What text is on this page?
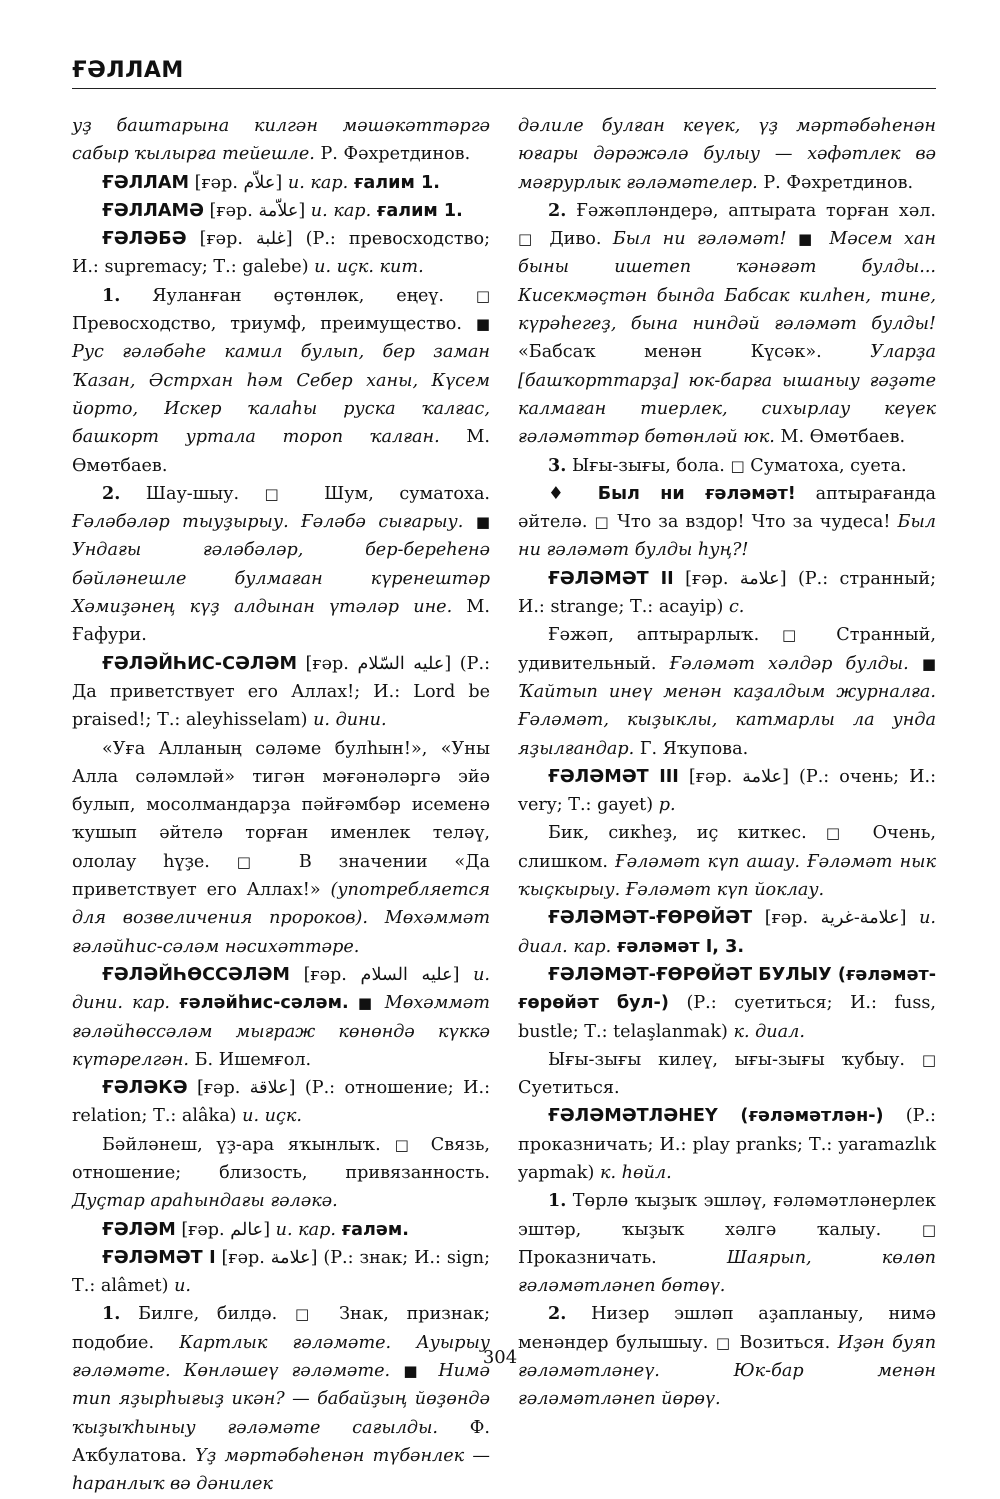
ҒӘЛЛАМ

уҙ баштарына килгән мәшәкәттәргә сабыр ҡылырға тейешле. Р. Фәхретдинов.

ҒӘЛЛАМ [ғәр. علاّم] и. кар. ғалим 1.

ҒӘЛЛАМӘ [ғәр. علاّمة] и. кар. ғалим 1.

ҒӘЛӘБӘ [ғәр. غلبة] (Р.: превосходство; И.: supremacy; Т.: galebe) и. иҫк. кит.

1. Яуланған өҫтөнлөк, еңеү. □ Превосходство, триумф, преимущество. ■ Рус ғәләбәһе камил булып, бер заман Ҡазан, Әстрхан һәм Себер ханы, Күсем йорто, Искер ҡалаһы руска ҡалғас, башкорт уртала тороп ҡалған. М. Өмөтбаев.

2. Шау-шыу. □ Шум, суматоха. Ғәләбәләр тыуҙырыу. Ғәләбә сығарыу. ■ Ундағы ғәләбәләр, бер-береһенә бәйләнешле булмаған күренештәр Хәмиҙәнең күҙ алдынан үтәләр ине. М. Ғафури.

ҒӘЛӘЙҺИС-СӘЛӘМ [ғәр. عليه السّلام] (Р.: Да приветствует его Аллах!; И.: Lord be praised!; Т.: aleyhisselam) и. дини.

«Уға Алланың сәләме булһын!», «Уны Алла сәләмләй» тигән мәғәнәләргә эйә булып, мосолмандарҙа пәйғәмбәр исеменә ҡушып әйтелә торған именлек теләү, ололау һүҙе. □ В значении «Да приветствует его Аллах!» (употребляется для возвеличения пророков). Мөхәммәт ғәләйһис-сәләм нәсихәттәре.

ҒӘЛӘЙҺӨССӘЛӘМ [ғәр. عليه السلام] и. дини. кар. ғәләйһис-сәләм. ■ Мөхәммәт ғәләйһөссәләм мығраж көнөндә күккә күтәрелгән. Б. Ишемғол.

ҒӘЛӘКӘ [ғәр. علاقة] (Р.: отношение; И.: relation; Т.: alâka) и. иҫк.

Бәйләнеш, үҙ-ара яҡынлыҡ. □ Связь, отношение; близость, привязанность. Дуҫтар араһындағы ғәләкә.

ҒӘЛӘМ [ғәр. عالم] и. кар. ғаләм.

ҒӘЛӘМӘТ I [ғәр. علامة] (Р.: знак; И.: sign; Т.: alâmet) и.

1. Билге, билдә. □ Знак, признак; подобие. Картлык ғәләмәте. Ауырыу ғәләмәте. Көнләшеү ғәләмәте. ■ Нимә тип яҙырһығыҙ икән? — бабайҙың йөҙөндә ҡыҙыҡһыныу ғәләмәте сағылды. Ф. Аҡбулатова. Үҙ мәртәбәһенән түбәнлек — һаранлыҡ вә дәнилек

дәлиле булған кеүек, үҙ мәртәбәһенән юғары дәрәжәлә булыу — хәфәтлек вә мәғрурлык ғәләмәтелер. Р. Фәхретдинов.

2. Ғәжәпләндерә, аптырата торған хәл. □ Диво. Был ни ғәләмәт! ■ Мәсем хан быны ишетеп ҡәнәғәт булды... Кисекмәҫтән бында Бабсак килһен, тине, күрәһегеҙ, бына ниндәй ғәләмәт булды! «Бабсаҡ менән Күсәк».	Уларҙа [башҡорттарҙа] юк-барға ышаныу ғәҙәте калмаған тиерлек, сихырлау кеүек ғәләмәттәр бөтөнләй юк. М. Өмөтбаев.

3. Ығы-зығы, бола. □ Суматоха, суета.

♦ Был ни ғәләмәт! аптырағанда әйтелә. □ Что за вздор! Что за чудеса! Был ни ғәләмәт булды һуң?!

ҒӘЛӘМӘТ II [ғәр. علامة] (Р.: странный; И.: strange; Т.: acayip) с.

Ғәжәп, аптырарлыҡ. □ Странный, удивительный. Ғәләмәт хәлдәр булды. ■ Ҡайтып инеү менән каҙалдым журналға. Ғәләмәт, кыҙыклы, катмарлы ла унда яҙылғандар. Г. Яҡупова.

ҒӘЛӘМӘТ III [ғәр. علامة] (Р.: очень; И.: very; Т.: gayet) р.

Бик, сикһеҙ, иҫ киткес. □ Очень, слишком. Ғәләмәт күп ашау. Ғәләмәт нык ҡыҫкырыу. Ғәләмәт күп йоклау.

ҒӘЛӘМӘТ-ҒӨРӨЙӘТ [ғәр. علامة-غرية] и. диал. кар. ғәләмәт I, 3.

ҒӘЛӘМӘТ-ҒӨРӨЙӘТ БУЛЫУ (ғәләмәт-ғөрөйәт бул-) (Р.: суетиться; И.: fuss, bustle; Т.: telaşlanmak) к. диал.

Ығы-зығы килеү, ығы-зығы ҡубыу. □ Суетиться.

ҒӘЛӘМӘТЛӘНЕҮ (ғәләмәтлән-) (Р.: проказничать; И.: play pranks; Т.: yaramazlık yapmak) к. һөйл.

1. Төрлө ҡыҙыҡ эшләү, ғәләмәтләнерлек эштәр, ҡыҙыҡ хәлгә ҡалыу.	□ Проказничать.	Шаярып, көлөп ғәләмәтләнеп бөтөү.

2. Низер эшләп аҙапланыу, нимә менәндер булышыу. □ Возиться. Иҙән буяп ғәләмәтләнеү. Юк-бар менән ғәләмәтләнеп йөрөү.

304
